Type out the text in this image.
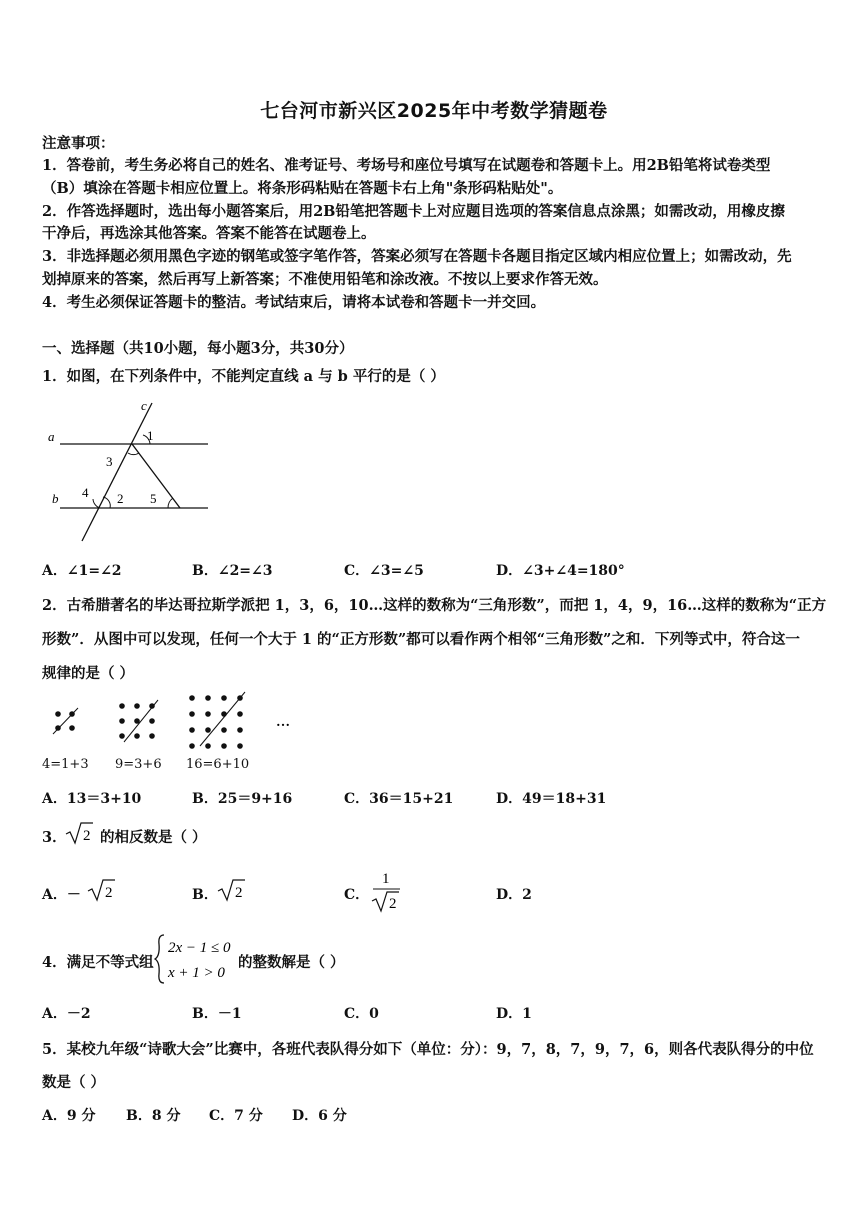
七台河市新兴区2025年中考数学猜题卷
注意事项：
1．答卷前，考生务必将自己的姓名、准考证号、考场号和座位号填写在试题卷和答题卡上。用2B铅笔将试卷类型
（B）填涂在答题卡相应位置上。将条形码粘贴在答题卡右上角"条形码粘贴处"。
2．作答选择题时，选出每小题答案后，用2B铅笔把答题卡上对应题目选项的答案信息点涂黑；如需改动，用橡皮擦
干净后，再选涂其他答案。答案不能答在试题卷上。
3．非选择题必须用黑色字迹的钢笔或签字笔作答，答案必须写在答题卡各题目指定区域内相应位置上；如需改动，先
划掉原来的答案，然后再写上新答案；不准使用铅笔和涂改液。不按以上要求作答无效。
4．考生必须保证答题卡的整洁。考试结束后，请将本试卷和答题卡一并交回。
一、选择题（共10小题，每小题3分，共30分）
1．如图，在下列条件中，不能判定直线 a 与 b 平行的是（ ）
c
a
b
1
3
4 2 5
A．∠1=∠2	B．∠2=∠3	C．∠3=∠5	D．∠3+∠4=180°
2．古希腊著名的毕达哥拉斯学派把 1，3，6，10…这样的数称为“三角形数”，而把 1，4，9，16…这样的数称为“正方
形数”．从图中可以发现，任何一个大于 1 的“正方形数”都可以看作两个相邻“三角形数”之和．下列等式中，符合这一
规律的是（ ）
…
4=1+3 9=3+6 16=6+10
A．13＝3+10	B．25＝9+16	C．36＝15+21	D．49＝18+31
3． 2 的相反数是（ ）
A．－ 2	B． 2	C．
1
2
D．2
4．满足不等式组
2x − 1 ≤ 0
x + 1 > 0
的整数解是（ ）
A．－2	B．－1	C．0	D．1
5．某校九年级“诗歌大会”比赛中，各班代表队得分如下（单位：分）：9，7，8，7，9，7，6，则各代表队得分的中位
数是（ ）
A．9 分 B．8 分 C．7 分 D．6 分
